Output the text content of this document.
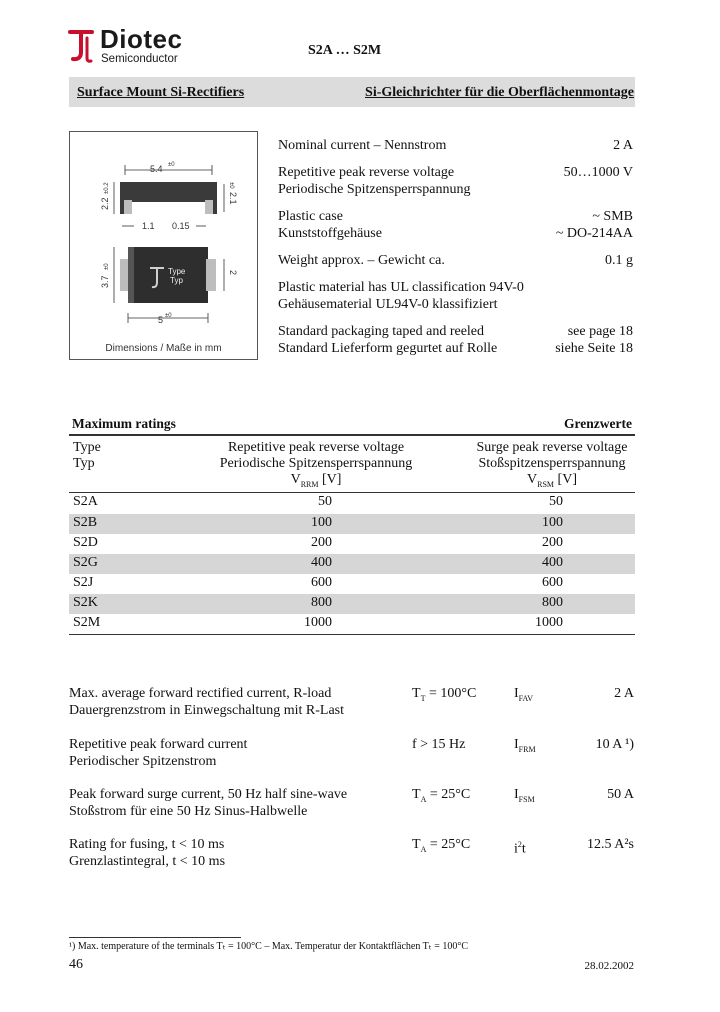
Diotec
Semiconductor
S2A … S2M
Surface Mount Si-Rectifiers	Si-Gleichrichter für die Oberflächenmontage
5.4 ±0
2.2
±0.2
2.1
±0
1.1 0.15
Type
Typ
3.7
±0
2
5 ±0
Dimensions / Maße in mm
Nominal current – Nennstrom	2 A
Repetitive peak reverse voltage
Periodische Spitzensperrspannung
50…1000 V
Plastic case
Kunststoffgehäuse
~ SMB
~ DO-214AA
Weight approx. – Gewicht ca.	0.1 g
Plastic material has UL classification 94V-0
Gehäusematerial UL94V-0 klassifiziert
Standard packaging taped and reeled
Standard Lieferform gegurtet auf Rolle
see page 18
siehe Seite 18
Maximum ratings	Grenzwerte
Type
Typ
Repetitive peak reverse voltage
Periodische Spitzensperrspannung
$V_{RRM}$ [V]
Surge peak reverse voltage
Stoßspitzensperrspannung
$V_{RSM}$ [V]
S2A	50	50
S2B	100	100
S2D	200	200
S2G	400	400
S2J	600	600
S2K	800	800
S2M	1000	1000
Max. average forward rectified current, R-load
Dauergrenzstrom in Einwegschaltung mit R-Last
$T_T = 100^\circ C$	$I_{FAV}$	2 A
Repetitive peak forward current
Periodischer Spitzenstrom
f > 15 Hz	$I_{FRM}$	10 A ¹)
Peak forward surge current, 50 Hz half sine-wave
Stoßstrom für eine 50 Hz Sinus-Halbwelle
$T_A = 25^\circ C$	$I_{FSM}$	50 A
Rating for fusing, t < 10 ms
Grenzlastintegral, t < 10 ms
$T_A = 25^\circ C$	$i^2t$	12.5 A²s
¹) Max. temperature of the terminals Tₜ = 100°C – Max. Temperatur der Kontaktflächen Tₜ = 100°C
46	28.02.2002
